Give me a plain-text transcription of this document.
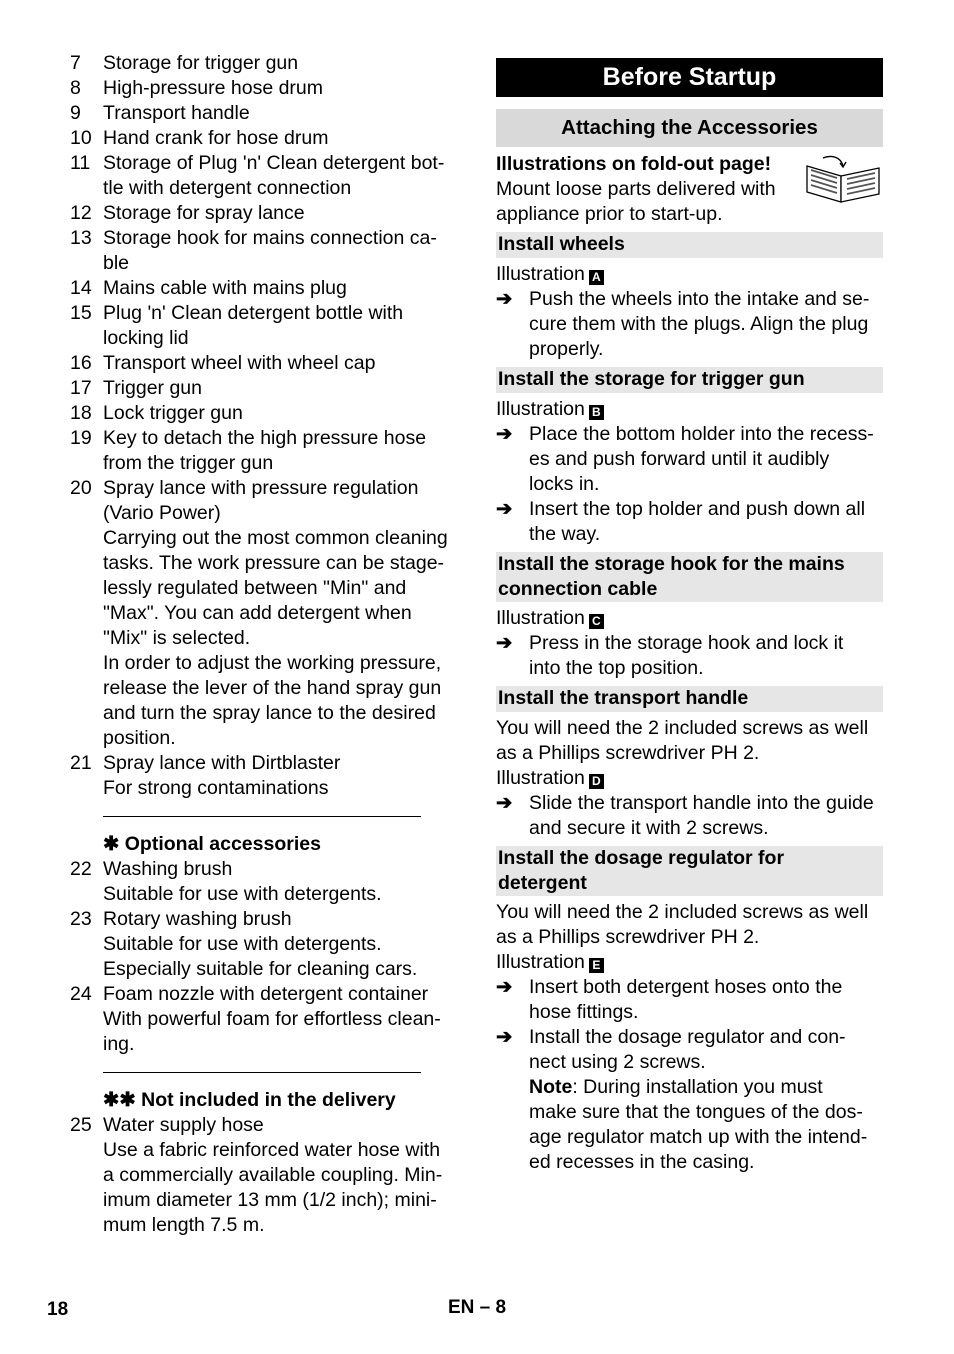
7	Storage for trigger gun
8	High-pressure hose drum
9	Transport handle
10 Hand crank for hose drum
11 Storage of Plug 'n' Clean detergent bot-
tle with detergent connection
12 Storage for spray lance
13 Storage hook for mains connection ca-
ble
14 Mains cable with mains plug
15 Plug 'n' Clean detergent bottle with
locking lid
16 Transport wheel with wheel cap
17 Trigger gun
18 Lock trigger gun
19 Key to detach the high pressure hose
from the trigger gun
20 Spray lance with pressure regulation
(Vario Power)
Carrying out the most common cleaning
tasks. The work pressure can be stage-
lessly regulated between "Min" and
"Max". You can add detergent when
"Mix" is selected.
In order to adjust the working pressure,
release the lever of the hand spray gun
and turn the spray lance to the desired
position.
21 Spray lance with Dirtblaster
For strong contaminations
✱ Optional accessories
22 Washing brush
Suitable for use with detergents.
23 Rotary washing brush
Suitable for use with detergents.
Especially suitable for cleaning cars.
24 Foam nozzle with detergent container
With powerful foam for effortless clean-
ing.
✱✱ Not included in the delivery
25 Water supply hose
Use a fabric reinforced water hose with
a commercially available coupling. Min-
imum diameter 13 mm (1/2 inch); mini-
mum length 7.5 m.
Before Startup
Attaching the Accessories
Illustrations on fold-out page!
Mount loose parts delivered with
appliance prior to start-up.
Install wheels
Illustration A
➔ Push the wheels into the intake and se-
cure them with the plugs. Align the plug
properly.
Install the storage for trigger gun
Illustration B
➔ Place the bottom holder into the recess-
es and push forward until it audibly
locks in.
➔ Insert the top holder and push down all
the way.
Install the storage hook for the mains
connection cable
Illustration C
➔ Press in the storage hook and lock it
into the top position.
Install the transport handle
You will need the 2 included screws as well
as a Phillips screwdriver PH 2.
Illustration D
➔ Slide the transport handle into the guide
and secure it with 2 screws.
Install the dosage regulator for
detergent
You will need the 2 included screws as well
as a Phillips screwdriver PH 2.
Illustration E
➔ Insert both detergent hoses onto the
hose fittings.
➔ Install the dosage regulator and con-
nect using 2 screws.
Note: During installation you must
make sure that the tongues of the dos-
age regulator match up with the intend-
ed recesses in the casing.
18	EN – 8
